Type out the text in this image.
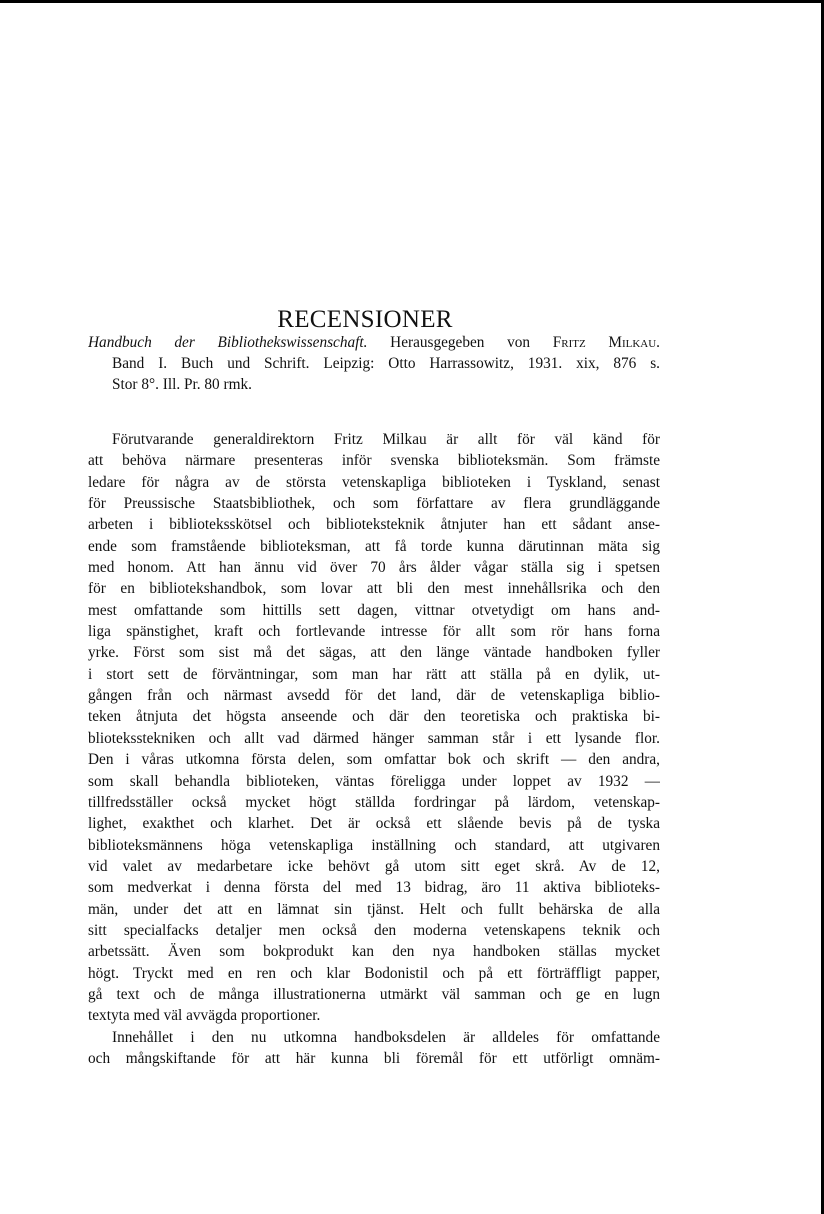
RECENSIONER
Handbuch der Bibliothekswissenschaft. Herausgegeben von Fritz Milkau.
Band I. Buch und Schrift. Leipzig: Otto Harrassowitz, 1931. xix, 876 s.
Stor 8°. Ill. Pr. 80 rmk.
Förutvarande generaldirektorn Fritz Milkau är allt för väl känd för
att behöva närmare presenteras inför svenska biblioteksmän. Som främste
ledare för några av de största vetenskapliga biblioteken i Tyskland, senast
för Preussische Staatsbibliothek, och som författare av flera grundläggande
arbeten i biblioteksskötsel och biblioteksteknik åtnjuter han ett sådant anse-
ende som framstående biblioteksman, att få torde kunna därutinnan mäta sig
med honom. Att han ännu vid över 70 års ålder vågar ställa sig i spetsen
för en bibliotekshandbok, som lovar att bli den mest innehållsrika och den
mest omfattande som hittills sett dagen, vittnar otvetydigt om hans and-
liga spänstighet, kraft och fortlevande intresse för allt som rör hans forna
yrke. Först som sist må det sägas, att den länge väntade handboken fyller
i stort sett de förväntningar, som man har rätt att ställa på en dylik, ut-
gången från och närmast avsedd för det land, där de vetenskapliga biblio-
teken åtnjuta det högsta anseende och där den teoretiska och praktiska bi-
blioteksstekniken och allt vad därmed hänger samman står i ett lysande flor.
Den i våras utkomna första delen, som omfattar bok och skrift — den andra,
som skall behandla biblioteken, väntas föreligga under loppet av 1932 —
tillfredsställer också mycket högt ställda fordringar på lärdom, vetenskap-
lighet, exakthet och klarhet. Det är också ett slående bevis på de tyska
biblioteksmännens höga vetenskapliga inställning och standard, att utgivaren
vid valet av medarbetare icke behövt gå utom sitt eget skrå. Av de 12,
som medverkat i denna första del med 13 bidrag, äro 11 aktiva biblioteks-
män, under det att en lämnat sin tjänst. Helt och fullt behärska de alla
sitt specialfacks detaljer men också den moderna vetenskapens teknik och
arbetssätt. Även som bokprodukt kan den nya handboken ställas mycket
högt. Tryckt med en ren och klar Bodonistil och på ett förträffligt papper,
gå text och de många illustrationerna utmärkt väl samman och ge en lugn
textyta med väl avvägda proportioner.
Innehållet i den nu utkomna handboksdelen är alldeles för omfattande
och mångskiftande för att här kunna bli föremål för ett utförligt omnäm-
